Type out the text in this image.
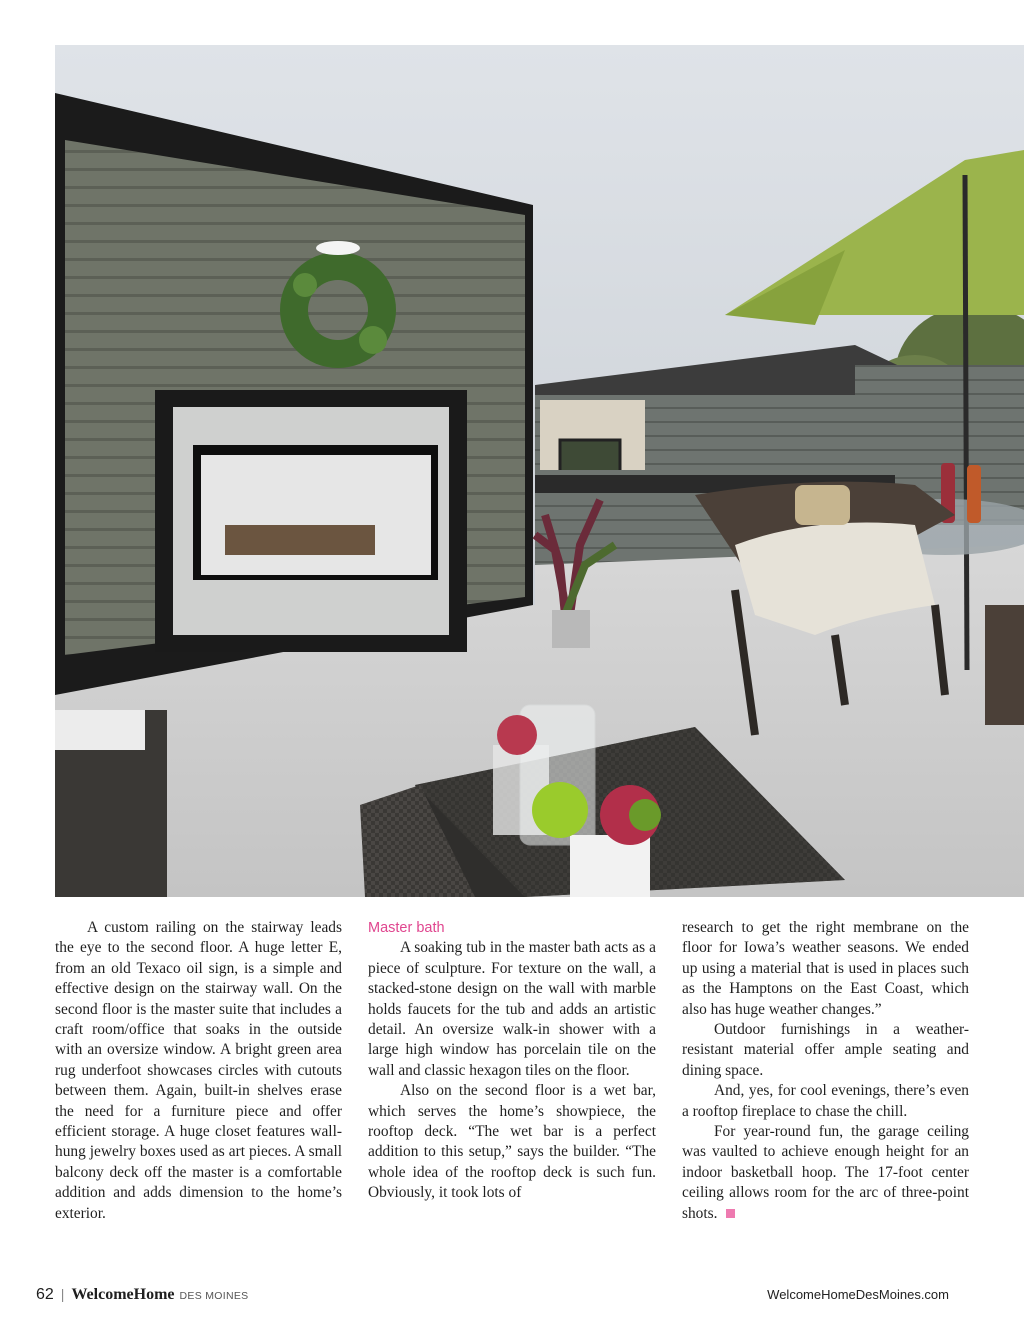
A custom railing on the stairway leads the eye to the second floor. A huge letter E, from an old Texaco oil sign, is a simple and effective design on the stairway wall. On the second floor is the master suite that includes a craft room/office that soaks in the outside with an oversize window. A bright green area rug underfoot showcases circles with cutouts between them. Again, built-in shelves erase the need for a furniture piece and offer efficient storage. A huge closet features wall-hung jewelry boxes used as art pieces. A small balcony deck off the master is a comfortable addition and adds dimension to the home’s exterior.

Master bath

A soaking tub in the master bath acts as a piece of sculpture. For texture on the wall, a stacked-stone design on the wall with marble holds faucets for the tub and adds an artistic detail. An oversize walk-in shower with a large high window has porcelain tile on the wall and classic hexagon tiles on the floor.

Also on the second floor is a wet bar, which serves the home’s showpiece, the rooftop deck. “The wet bar is a perfect addition to this setup,” says the builder. “The whole idea of the rooftop deck is such fun. Obviously, it took lots of

research to get the right membrane on the floor for Iowa’s weather seasons. We ended up using a material that is used in places such as the Hamptons on the East Coast, which also has huge weather changes.”

Outdoor furnishings in a weather-resistant material offer ample seating and dining space.

And, yes, for cool evenings, there’s even a rooftop fireplace to chase the chill.

For year-round fun, the garage ceiling was vaulted to achieve enough height for an indoor basketball hoop. The 17-foot center ceiling allows room for the arc of three-point shots.

62 | WelcomeHome DES MOINES	WelcomeHomeDesMoines.com
